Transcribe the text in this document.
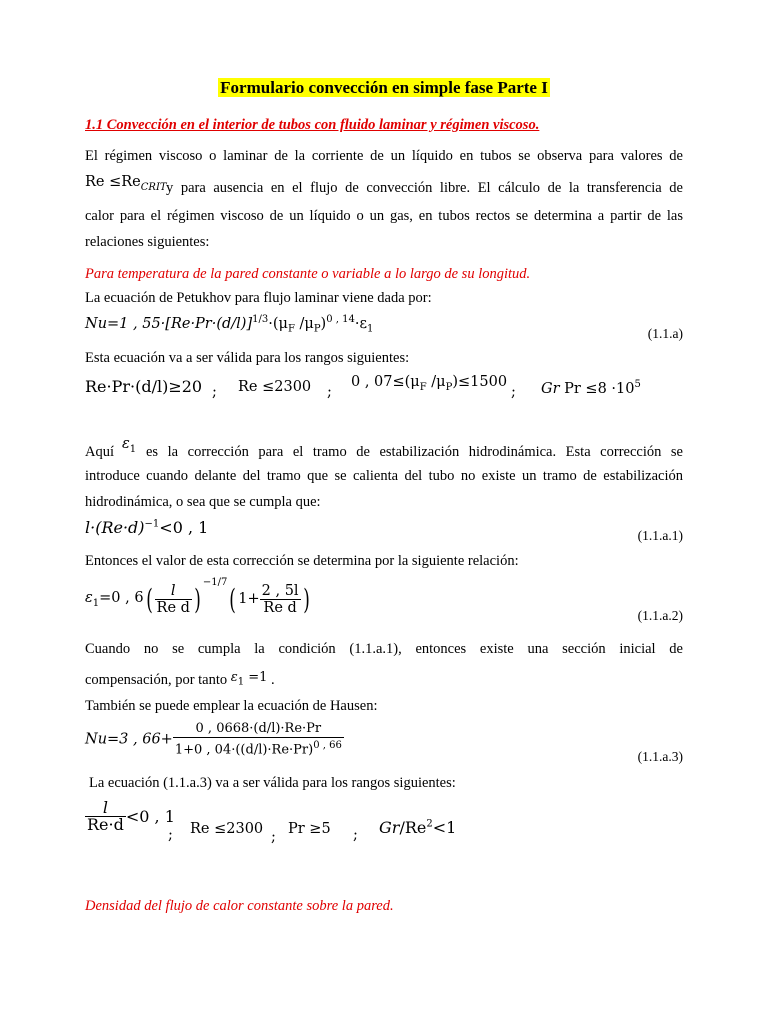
Formulario convección en simple fase Parte I
1.1 Convección en el interior de tubos con fluido laminar y régimen viscoso.
El régimen viscoso o laminar de la corriente de un líquido en tubos se observa para valores de
$Re \le Re_{CRIT}$ y para ausencia en el flujo de convección libre. El cálculo de la transferencia de
calor para el régimen viscoso de un líquido o un gas, en tubos rectos se determina a partir de las
relaciones siguientes:
Para temperatura de la pared constante o variable a lo largo de su longitud.
La ecuación de Petukhov para flujo laminar viene dada por:
Nu=1 , $55\cdot[Re\cdot Pr\cdot(d/l)]^{1/3}\cdot(\mu_F$ $/\mu_P)^{0 , 14}\cdot\varepsilon_1$	(1.1.a)
Esta ecuación va a ser válida para los rangos siguientes:
Re·Pr·(d/l)≥20 ; Re ≤2300 ;
0 , $07\le(\mu_F$ $/\mu_P)\le 1500$
; Gr $Pr \le 8 \cdot 10^5$
Aquí $\varepsilon_1$ es la corrección para el tramo de estabilización hidrodinámica. Esta corrección se
introduce cuando delante del tramo que se calienta del tubo no existe un tramo de estabilización
hidrodinámica, o sea que se cumpla que:
$l\cdot(Re\cdot d)^{-1}<0$ , 1	(1.1.a.1)
Entonces el valor de esta corrección se determina por la siguiente relación:
$\varepsilon_1=0$ , $6( \frac{l}{\text{Re d}}$ ) $^{-1/7}$( $1+ \frac{2 , 5l}{\text{Re d}}$ )	(1.1.a.2)
Cuando no se cumpla la condición (1.1.a.1), entonces existe una sección inicial de
compensación, por tanto $\varepsilon_1 =1$ .
También se puede emplear la ecuación de Hausen:
Nu=3 , $66+ \frac{0 , 0668\cdot(d/l)\cdot Re\cdot Pr}{1+0 , 04\cdot((d/l)\cdot Re\cdot Pr)^{0 , 66}}$	(1.1.a.3)
La ecuación (1.1.a.3) va a ser válida para los rangos siguientes:
$\frac{l}{Re\cdot d} <0$ , 1
; Re ≤2300 ; Pr ≥5 ; $Gr/Re^2<1$
Densidad del flujo de calor constante sobre la pared.
